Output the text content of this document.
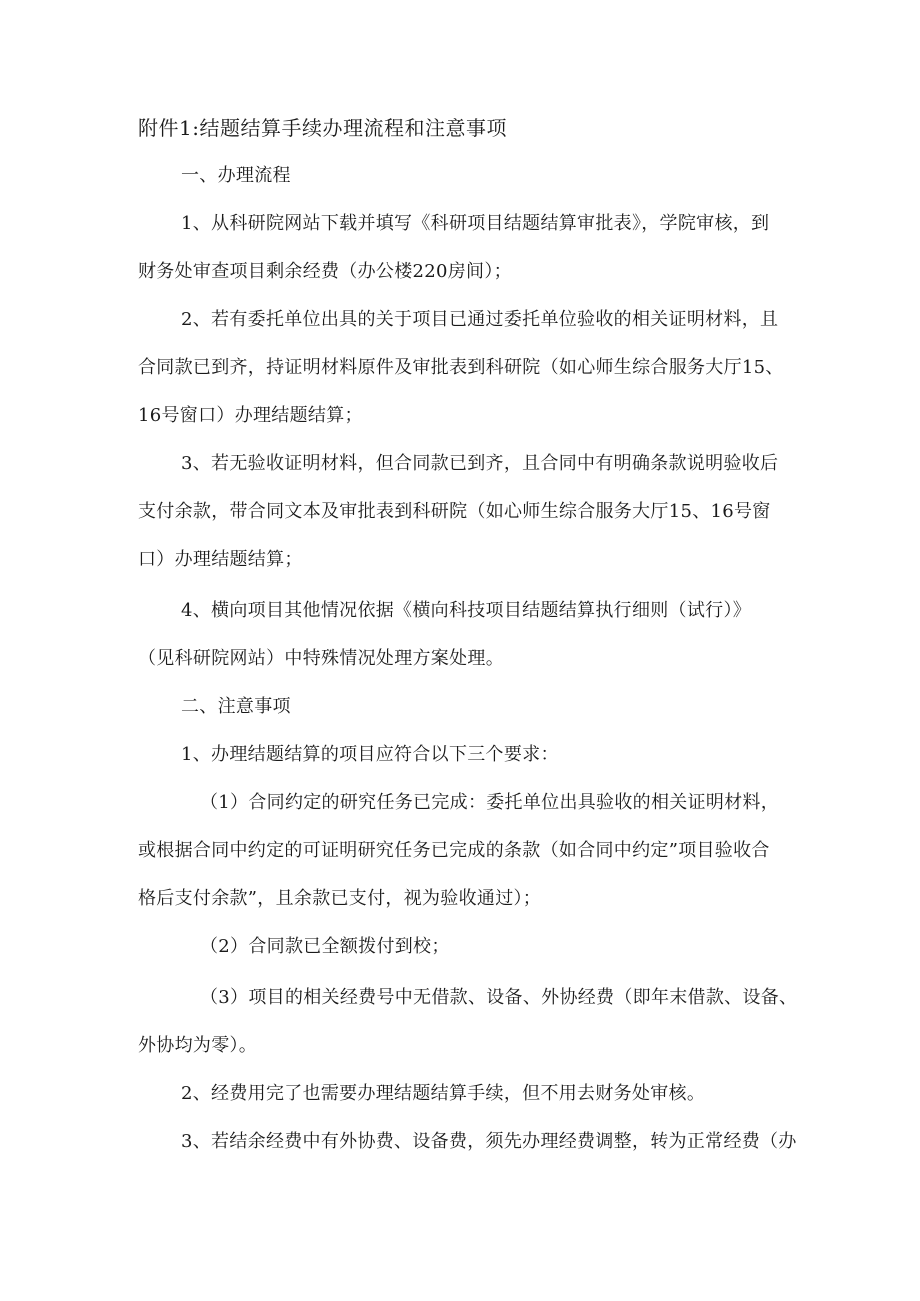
附件1:结题结算手续办理流程和注意事项
一、办理流程
1、从科研院网站下载并填写《科研项目结题结算审批表》，学院审核，到
财务处审查项目剩余经费（办公楼220房间）；
2、若有委托单位出具的关于项目已通过委托单位验收的相关证明材料，且
合同款已到齐，持证明材料原件及审批表到科研院（如心师生综合服务大厅15、
16号窗口）办理结题结算；
3、若无验收证明材料，但合同款已到齐，且合同中有明确条款说明验收后
支付余款，带合同文本及审批表到科研院（如心师生综合服务大厅15、16号窗
口）办理结题结算；
4、横向项目其他情况依据《横向科技项目结题结算执行细则（试行）》
（见科研院网站）中特殊情况处理方案处理。
二、注意事项
1、办理结题结算的项目应符合以下三个要求：
（1）合同约定的研究任务已完成：委托单位出具验收的相关证明材料，
或根据合同中约定的可证明研究任务已完成的条款（如合同中约定”项目验收合
格后支付余款”，且余款已支付，视为验收通过）；
（2）合同款已全额拨付到校；
（3）项目的相关经费号中无借款、设备、外协经费（即年末借款、设备、
外协均为零）。
2、经费用完了也需要办理结题结算手续，但不用去财务处审核。
3、若结余经费中有外协费、设备费，须先办理经费调整，转为正常经费（办
